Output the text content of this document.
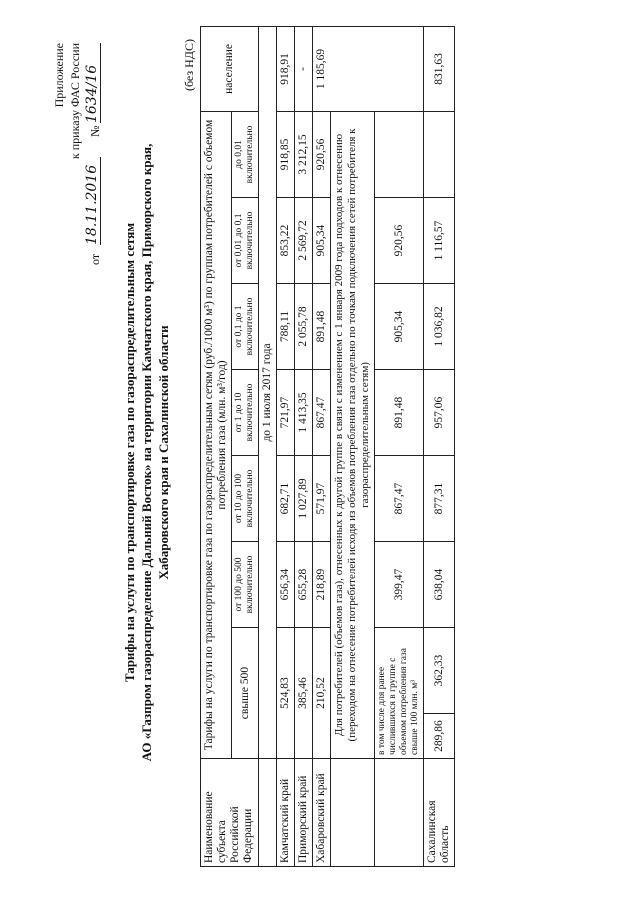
Приложение к приказу ФАС России
от
18.11.2016
№
1634/16
Тарифы на услуги по транспортировке газа по газораспределительным сетям АО «Газпром газораспределение Дальний Восток» на территории Камчатского края, Приморского края, Хабаровского края и Сахалинской области
(без НДС)
Наименование субъекта Российской Федерации	Тарифы на услуги по транспортировке газа по газораспределительным сетям (руб./1000 м³) по группам потребителей с объемом потребления газа (млн. м³/год)								население
	свыше 500		от 100 до 500 включительно	от 10 до 100 включительно	от 1 до 10 включительно	от 0,1 до 1 включительно	от 0,01 до 0,1 включительно	до 0,01 включительно	
	до 1 июля 2017 года								
Камчатский край	524,83		656,34	682,71	721,97	788,11	853,22	918,85	918,91
Приморский край	385,46		655,28	1 027,89	1 413,35	2 055,78	2 569,72	3 212,15	-
Хабаровский край	210,52		218,89	571,97	867,47	891,48	905,34	920,56	1 185,69
	Для потребителей (объемов газа), отнесенных к другой группе в связи с изменением с 1 января 2009 года подходов к отнесению (переходом на отнесение потребителей исходя из объемов потребления газа отдельно по точкам подключения сетей потребителя к газораспределительным сетям)								
	в том числе для ранее числившихся в группе с объемом потребления газа свыше 100 млн. м³		399,47	867,47	891,48	905,34	920,56		
Сахалинская область	289,86	362,33	638,04	877,31	957,06	1 036,82	1 116,57		831,63
